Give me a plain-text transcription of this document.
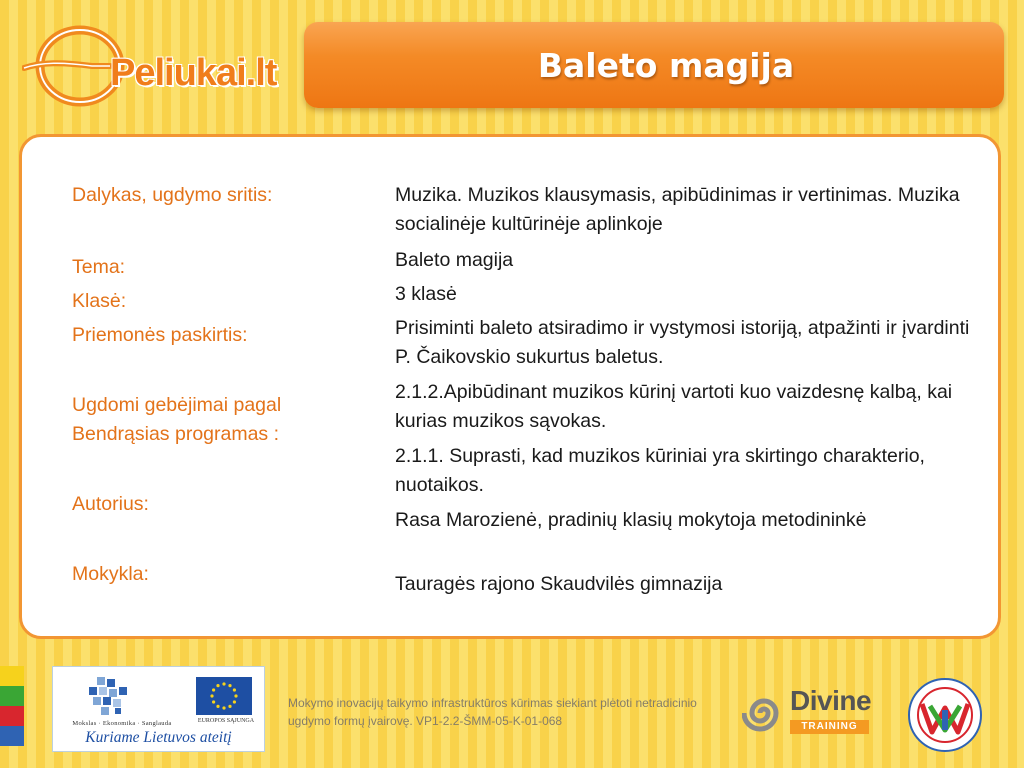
Peliukai.lt	Baleto magija
Dalykas, ugdymo sritis:	Muzika. Muzikos klausymasis, apibūdinimas ir vertinimas. Muzika socialinėje kultūrinėje aplinkoje
Tema:	Baleto magija
Klasė:	3 klasė
Priemonės paskirtis:	Prisiminti baleto atsiradimo ir vystymosi istoriją, atpažinti ir įvardinti P. Čaikovskio sukurtus baletus.
Ugdomi gebėjimai pagal Bendrąsias programas :
2.1.2.Apibūdinant muzikos kūrinį vartoti kuo vaizdesnę kalbą, kai kurias muzikos sąvokas.
2.1.1. Suprasti, kad muzikos kūriniai yra skirtingo charakterio, nuotaikos.
Autorius:
Rasa Marozienė, pradinių klasių mokytoja metodininkė
Mokykla:	Tauragės rajono Skaudvilės gimnazija
Mokslas · Ekonomika · Sanglauda	EUROPOS SĄJUNGA
Kuriame Lietuvos ateitį
Mokymo inovacijų taikymo infrastruktūros kūrimas siekiant plėtoti netradicinio ugdymo formų įvairovę. VP1-2.2-ŠMM-05-K-01-068
Divine
TRAINING
